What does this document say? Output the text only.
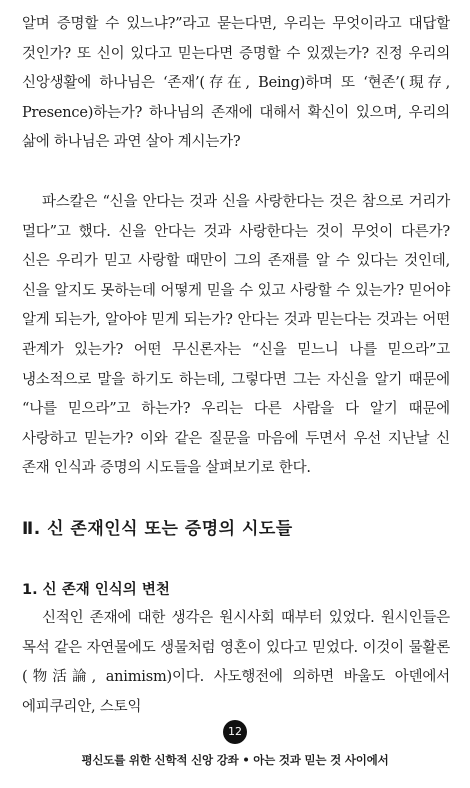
알며 증명할 수 있느냐?”라고 묻는다면, 우리는 무엇이라고 대답할 것인가? 또 신이 있다고 믿는다면 증명할 수 있겠는가? 진정 우리의 신앙생활에 하나님은 ‘존재’(存在, Being)하며 또 ‘현존’(現存, Presence)하는가? 하나님의 존재에 대해서 확신이 있으며, 우리의 삶에 하나님은 과연 살아 계시는가?

파스칼은 “신을 안다는 것과 신을 사랑한다는 것은 참으로 거리가 멀다”고 했다. 신을 안다는 것과 사랑한다는 것이 무엇이 다른가? 신은 우리가 믿고 사랑할 때만이 그의 존재를 알 수 있다는 것인데, 신을 알지도 못하는데 어떻게 믿을 수 있고 사랑할 수 있는가? 믿어야 알게 되는가, 알아야 믿게 되는가? 안다는 것과 믿는다는 것과는 어떤 관계가 있는가? 어떤 무신론자는 “신을 믿느니 나를 믿으라”고 냉소적으로 말을 하기도 하는데, 그렇다면 그는 자신을 알기 때문에 “나를 믿으라”고 하는가? 우리는 다른 사람을 다 알기 때문에 사랑하고 믿는가? 이와 같은 질문을 마음에 두면서 우선 지난날 신 존재 인식과 증명의 시도들을 살펴보기로 한다.

Ⅱ. 신 존재인식 또는 증명의 시도들
1. 신 존재 인식의 변천

신적인 존재에 대한 생각은 원시사회 때부터 있었다. 원시인들은 목석 같은 자연물에도 생물처럼 영혼이 있다고 믿었다. 이것이 물활론(物活論, animism)이다. 사도행전에 의하면 바울도 아덴에서 에피쿠리안, 스토익

12
평신도를 위한 신학적 신앙 강좌 • 아는 것과 믿는 것 사이에서
